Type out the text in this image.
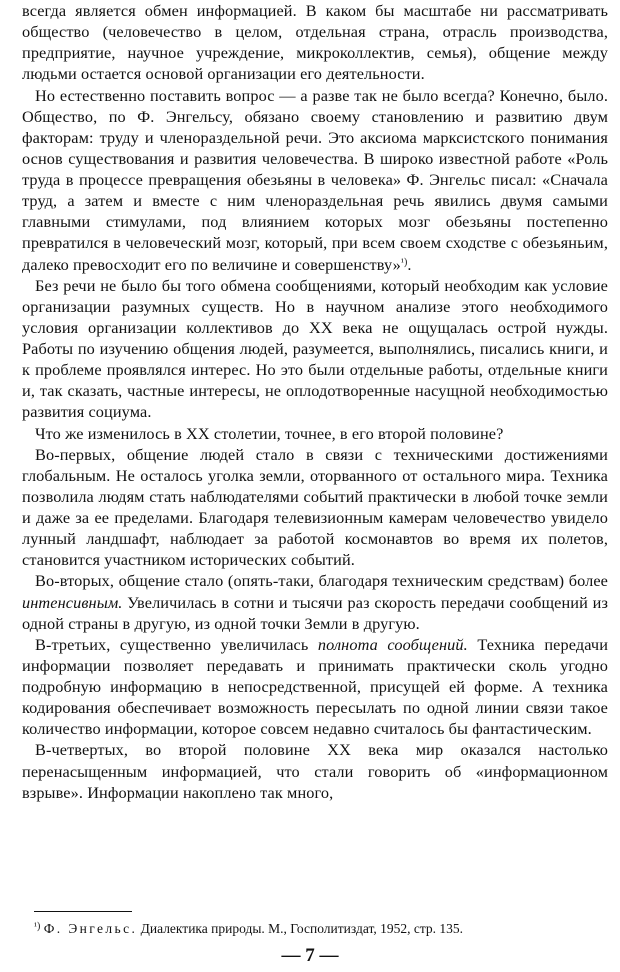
всегда является обмен информацией. В каком бы масштабе ни рассматривать общество (человечество в целом, отдельная страна, отрасль производства, предприятие, научное учреждение, микроколлектив, семья), общение между людьми остается основой организации его деятельности.

Но естественно поставить вопрос — а разве так не было всегда? Конечно, было. Общество, по Ф. Энгельсу, обязано своему становлению и развитию двум факторам: труду и членораздельной речи. Это аксиома марксистского понимания основ существования и развития человечества. В широко известной работе «Роль труда в процессе превращения обезьяны в человека» Ф. Энгельс писал: «Сначала труд, а затем и вместе с ним членораздельная речь явились двумя самыми главными стимулами, под влиянием которых мозг обезьяны постепенно превратился в человеческий мозг, который, при всем своем сходстве с обезьяньим, далеко превосходит его по величине и совершенству»$^{^1)}$.

Без речи не было бы того обмена сообщениями, который необходим как условие организации разумных существ. Но в научном анализе этого необходимого условия организации коллективов до XX века не ощущалась острой нужды. Работы по изучению общения людей, разумеется, выполнялись, писались книги, и к проблеме проявлялся интерес. Но это были отдельные работы, отдельные книги и, так сказать, частные интересы, не оплодотворенные насущной необходимостью развития социума.

Что же изменилось в XX столетии, точнее, в его второй половине?

Во-первых, общение людей стало в связи с техническими достижениями глобальным. Не осталось уголка земли, оторванного от остального мира. Техника позволила людям стать наблюдателями событий практически в любой точке земли и даже за ее пределами. Благодаря телевизионным камерам человечество увидело лунный ландшафт, наблюдает за работой космонавтов во время их полетов, становится участником исторических событий.

Во-вторых, общение стало (опять-таки, благодаря техническим средствам) более интенсивным. Увеличилась в сотни и тысячи раз скорость передачи сообщений из одной страны в другую, из одной точки Земли в другую.

В-третьих, существенно увеличилась полнота сообщений. Техника передачи информации позволяет передавать и принимать практически сколь угодно подробную информацию в непосредственной, присущей ей форме. А техника кодирования обеспечивает возможность пересылать по одной линии связи такое количество информации, которое совсем недавно считалось бы фантастическим.

В-четвертых, во второй половине XX века мир оказался настолько перенасыщенным информацией, что стали говорить об «информационном взрыве». Информации накоплено так много,

$^{^1)}$ Ф. Энгельс. Диалектика природы. М., Госполитиздат, 1952, стр. 135.
— 7 —
